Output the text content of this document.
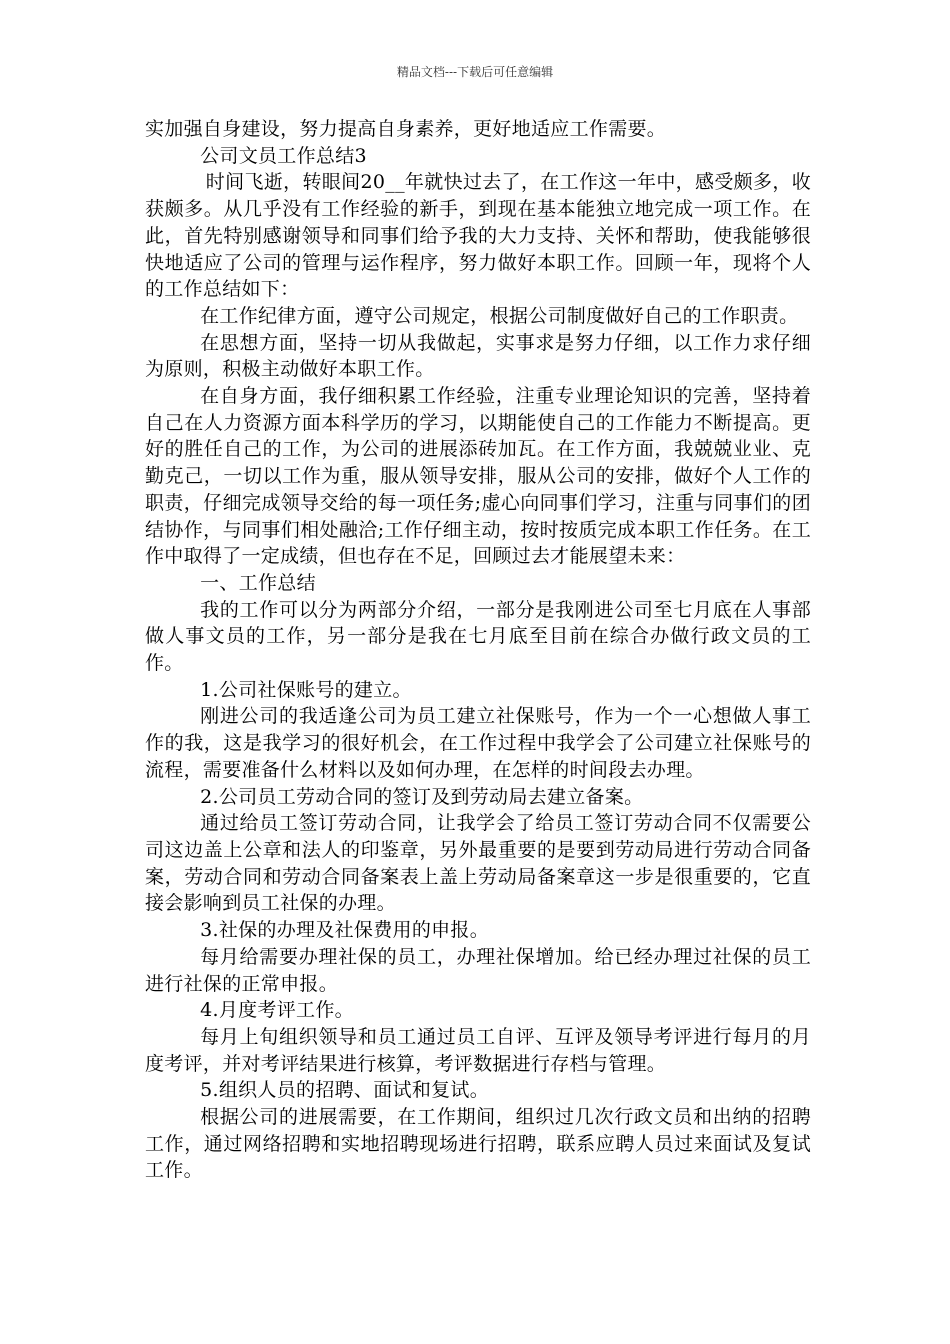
精品文档---下载后可任意编辑

实加强自身建设，努力提高自身素养，更好地适应工作需要。

公司文员工作总结3

时间飞逝，转眼间20__年就快过去了，在工作这一年中，感受颇多，收获颇多。从几乎没有工作经验的新手，到现在基本能独立地完成一项工作。在此，首先特别感谢领导和同事们给予我的大力支持、关怀和帮助，使我能够很快地适应了公司的管理与运作程序，努力做好本职工作。回顾一年，现将个人的工作总结如下：

在工作纪律方面，遵守公司规定，根据公司制度做好自己的工作职责。

在思想方面，坚持一切从我做起，实事求是努力仔细，以工作力求仔细为原则，积极主动做好本职工作。

在自身方面，我仔细积累工作经验，注重专业理论知识的完善，坚持着自己在人力资源方面本科学历的学习，以期能使自己的工作能力不断提高。更好的胜任自己的工作，为公司的进展添砖加瓦。在工作方面，我兢兢业业、克勤克己，一切以工作为重，服从领导安排，服从公司的安排，做好个人工作的职责，仔细完成领导交给的每一项任务;虚心向同事们学习，注重与同事们的团结协作，与同事们相处融洽;工作仔细主动，按时按质完成本职工作任务。在工作中取得了一定成绩，但也存在不足，回顾过去才能展望未来：

一、工作总结

我的工作可以分为两部分介绍，一部分是我刚进公司至七月底在人事部做人事文员的工作，另一部分是我在七月底至目前在综合办做行政文员的工作。

1.公司社保账号的建立。

刚进公司的我适逢公司为员工建立社保账号，作为一个一心想做人事工作的我，这是我学习的很好机会，在工作过程中我学会了公司建立社保账号的流程，需要准备什么材料以及如何办理，在怎样的时间段去办理。

2.公司员工劳动合同的签订及到劳动局去建立备案。

通过给员工签订劳动合同，让我学会了给员工签订劳动合同不仅需要公司这边盖上公章和法人的印鉴章，另外最重要的是要到劳动局进行劳动合同备案，劳动合同和劳动合同备案表上盖上劳动局备案章这一步是很重要的，它直接会影响到员工社保的办理。

3.社保的办理及社保费用的申报。

每月给需要办理社保的员工，办理社保增加。给已经办理过社保的员工进行社保的正常申报。

4.月度考评工作。

每月上旬组织领导和员工通过员工自评、互评及领导考评进行每月的月度考评，并对考评结果进行核算，考评数据进行存档与管理。

5.组织人员的招聘、面试和复试。

根据公司的进展需要，在工作期间，组织过几次行政文员和出纳的招聘工作，通过网络招聘和实地招聘现场进行招聘，联系应聘人员过来面试及复试工作。
